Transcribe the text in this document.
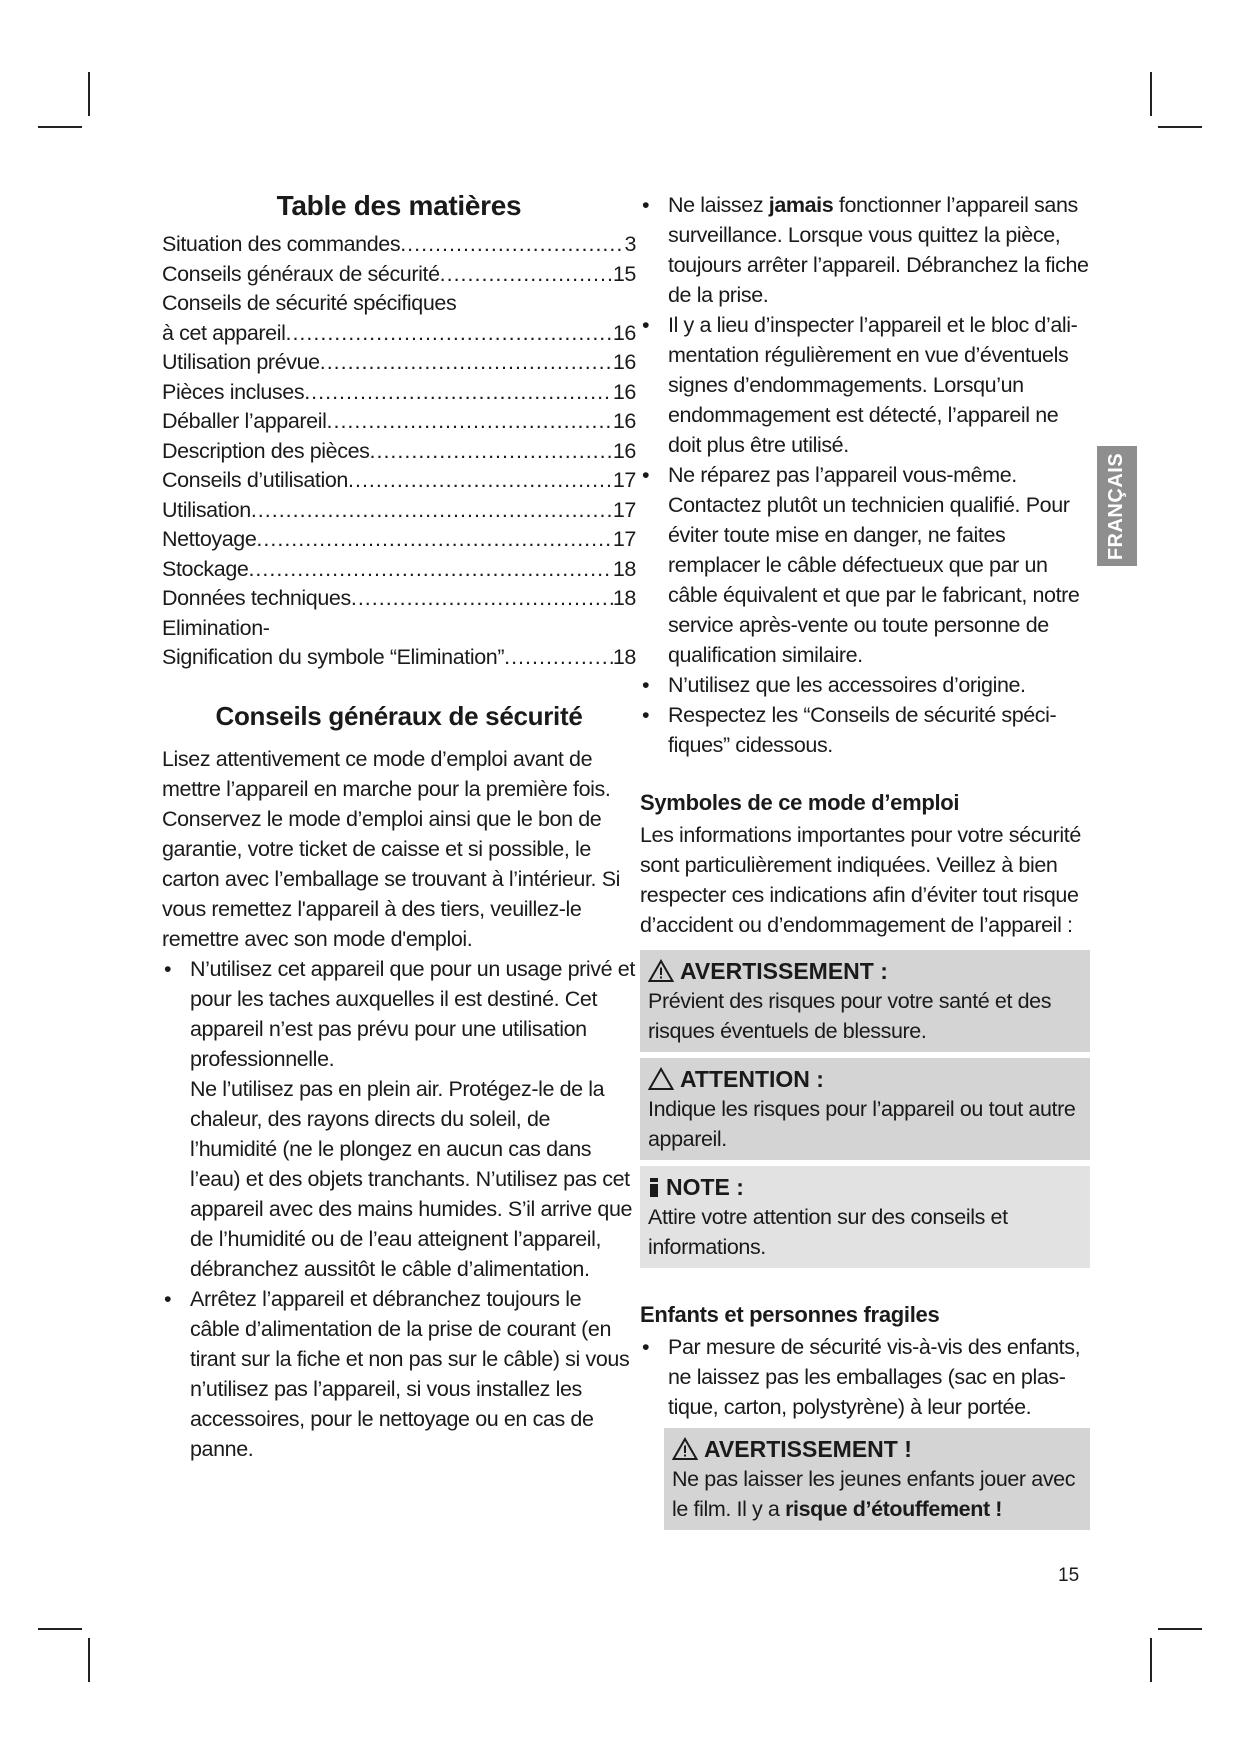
Table des matières
Situation des commandes .....	3
Conseils généraux de sécurité .....	15
Conseils de sécurité spécifiques
à cet appareil .....	16
Utilisation prévue .....	16
Pièces incluses .....	16
Déballer l’appareil .....	16
Description des pièces .....	16
Conseils d’utilisation .....	17
Utilisation .....	17
Nettoyage .....	17
Stockage .....	18
Données techniques .....	18
Elimination-
Signification du symbole “Elimination” .....	18
Conseils généraux de sécurité

Lisez attentivement ce mode d’emploi avant de mettre l’appareil en marche pour la première fois. Conservez le mode d’emploi ainsi que le bon de garantie, votre ticket de caisse et si possible, le carton avec l’emballage se trouvant à l’intérieur. Si vous remettez l'appareil à des tiers, veuillez-le remettre avec son mode d'emploi.

• N’utilisez cet appareil que pour un usage privé et pour les taches auxquelles il est destiné. Cet appareil n’est pas prévu pour une utilisation professionnelle.
Ne l’utilisez pas en plein air. Protégez-le de la chaleur, des rayons directs du soleil, de l’humidité (ne le plongez en aucun cas dans l’eau) et des objets tranchants. N’utilisez pas cet appareil avec des mains humides. S’il arrive que de l’humidité ou de l’eau atteignent l’appareil, débranchez aussitôt le câble d’alimentation.
• Arrêtez l’appareil et débranchez toujours le câble d’alimentation de la prise de courant (en tirant sur la fiche et non pas sur le câble) si vous n’utilisez pas l’appareil, si vous installez les accessoires, pour le nettoyage ou en cas de panne.
• Ne laissez jamais fonctionner l’appareil sans surveillance. Lorsque vous quittez la pièce, toujours arrêter l’appareil. Débranchez la fiche de la prise.
• Il y a lieu d’inspecter l’appareil et le bloc d’alimentation régulièrement en vue d’éventuels signes d’endommagements. Lorsqu’un endommagement est détecté, l’appareil ne doit plus être utilisé.
• Ne réparez pas l’appareil vous-même. Contactez plutôt un technicien qualifié. Pour éviter toute mise en danger, ne faites remplacer le câble défectueux que par un câble équivalent et que par le fabricant, notre service après-vente ou toute personne de qualification similaire.
• N’utilisez que les accessoires d’origine.
• Respectez les “Conseils de sécurité spécifiques” cidessous.
Symboles de ce mode d’emploi

Les informations importantes pour votre sécurité sont particulièrement indiquées. Veillez à bien respecter ces indications afin d’éviter tout risque d’accident ou d’endommagement de l’appareil :

AVERTISSEMENT :
Prévient des risques pour votre santé et des risques éventuels de blessure.
ATTENTION :
Indique les risques pour l’appareil ou tout autre appareil.
NOTE :
Attire votre attention sur des conseils et informations.
Enfants et personnes fragiles
• Par mesure de sécurité vis-à-vis des enfants, ne laissez pas les emballages (sac en plastique, carton, polystyrène) à leur portée.
AVERTISSEMENT !
Ne pas laisser les jeunes enfants jouer avec le film. Il y a risque d’étouffement !
FRANÇAIS
15
